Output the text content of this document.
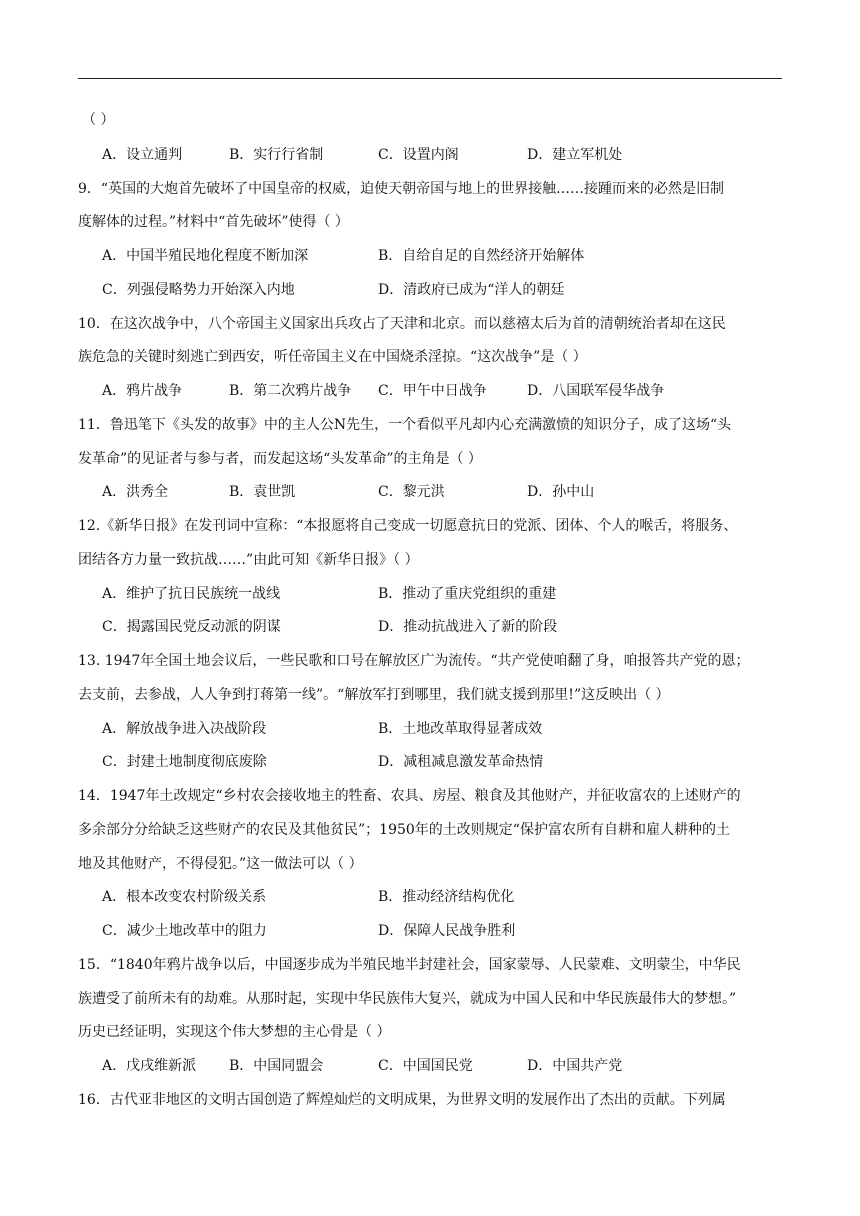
（ ）
A．设立通判	B．实行行省制	C．设置内阁	D．建立军机处
9．“英国的大炮首先破坏了中国皇帝的权威，迫使天朝帝国与地上的世界接触……接踵而来的必然是旧制
度解体的过程。”材料中“首先破坏”使得（ ）
A．中国半殖民地化程度不断加深	B．自给自足的自然经济开始解体
C．列强侵略势力开始深入内地	D．清政府已成为“洋人的朝廷
10．在这次战争中，八个帝国主义国家出兵攻占了天津和北京。而以慈禧太后为首的清朝统治者却在这民
族危急的关键时刻逃亡到西安，听任帝国主义在中国烧杀淫掠。“这次战争”是（ ）
A．鸦片战争	B．第二次鸦片战争 C．甲午中日战争	D．八国联军侵华战争
11．鲁迅笔下《头发的故事》中的主人公N先生，一个看似平凡却内心充满激愤的知识分子，成了这场“头
发革命”的见证者与参与者，而发起这场“头发革命”的主角是（ ）
A．洪秀全	B．袁世凯	C．黎元洪	D．孙中山
12.《新华日报》在发刊词中宣称：“本报愿将自己变成一切愿意抗日的党派、团体、个人的喉舌，将服务、
团结各方力量一致抗战……”由此可知《新华日报》（ ）
A．维护了抗日民族统一战线	B．推动了重庆党组织的重建
C．揭露国民党反动派的阴谋	D．推动抗战进入了新的阶段
13. 1947年全国土地会议后，一些民歌和口号在解放区广为流传。“共产党使咱翻了身，咱报答共产党的恩；
去支前，去参战，人人争到打蒋第一线”。“解放军打到哪里，我们就支援到那里!”这反映出（ ）
A．解放战争进入决战阶段	B．土地改革取得显著成效
C．封建土地制度彻底废除	D．减租减息激发革命热情
14．1947年土改规定“乡村农会接收地主的牲畜、农具、房屋、粮食及其他财产，并征收富农的上述财产的
多余部分分给缺乏这些财产的农民及其他贫民”；1950年的土改则规定“保护富农所有自耕和雇人耕种的土
地及其他财产，不得侵犯。”这一做法可以（ ）
A．根本改变农村阶级关系	B．推动经济结构优化
C．减少土地改革中的阻力	D．保障人民战争胜利
15．“1840年鸦片战争以后，中国逐步成为半殖民地半封建社会，国家蒙辱、人民蒙难、文明蒙尘，中华民
族遭受了前所未有的劫难。从那时起，实现中华民族伟大复兴，就成为中国人民和中华民族最伟大的梦想。”
历史已经证明，实现这个伟大梦想的主心骨是（ ）
A．戊戌维新派 B．中国同盟会	C．中国国民党	D．中国共产党
16．古代亚非地区的文明古国创造了辉煌灿烂的文明成果，为世界文明的发展作出了杰出的贡献。下列属
